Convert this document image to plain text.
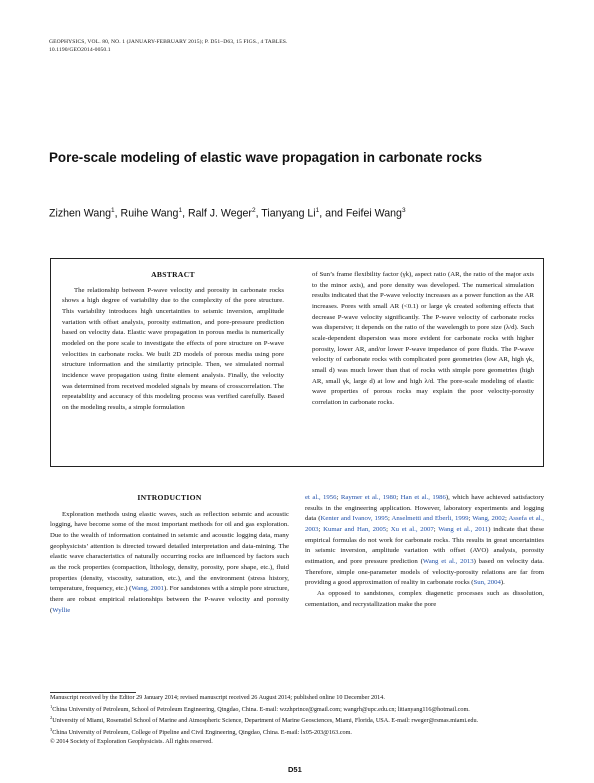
GEOPHYSICS, VOL. 80, NO. 1 (JANUARY-FEBRUARY 2015); P. D51–D63, 15 FIGS., 4 TABLES.
10.1190/GEO2014-0050.1
Pore-scale modeling of elastic wave propagation in carbonate rocks
Zizhen Wang$^1$, Ruihe Wang$^1$, Ralf J. Weger$^2$, Tianyang Li$^1$, and Feifei Wang$^3$
ABSTRACT

The relationship between P-wave velocity and porosity in carbonate rocks shows a high degree of variability due to the complexity of the pore structure. This variability introduces high uncertainties to seismic inversion, amplitude variation with offset analysis, porosity estimation, and pore-pressure prediction based on velocity data. Elastic wave propagation in porous media is numerically modeled on the pore scale to investigate the effects of pore structure on P-wave velocities in carbonate rocks. We built 2D models of porous media using pore structure information and the similarity principle. Then, we simulated normal incidence wave propagation using finite element analysis. Finally, the velocity was determined from received modeled signals by means of crosscorrelation. The repeatability and accuracy of this modeling process was verified carefully. Based on the modeling results, a simple formulation

of Sun’s frame flexibility factor (γk), aspect ratio (AR, the ratio of the major axis to the minor axis), and pore density was developed. The numerical simulation results indicated that the P-wave velocity increases as a power function as the AR increases. Pores with small AR (<0.1) or large γk created softening effects that decrease P-wave velocity significantly. The P-wave velocity of carbonate rocks was dispersive; it depends on the ratio of the wavelength to pore size (λ/d). Such scale-dependent dispersion was more evident for carbonate rocks with higher porosity, lower AR, and/or lower P-wave impedance of pore fluids. The P-wave velocity of carbonate rocks with complicated pore geometries (low AR, high γk, small d) was much lower than that of rocks with simple pore geometries (high AR, small γk, large d) at low and high λ/d. The pore-scale modeling of elastic wave properties of porous rocks may explain the poor velocity-porosity correlation in carbonate rocks.

INTRODUCTION

Exploration methods using elastic waves, such as reflection seismic and acoustic logging, have become some of the most important methods for oil and gas exploration. Due to the wealth of information contained in seismic and acoustic logging data, many geophysicists’ attention is directed toward detailed interpretation and data-mining. The elastic wave characteristics of naturally occurring rocks are influenced by factors such as the rock properties (compaction, lithology, density, porosity, pore shape, etc.), fluid properties (density, viscosity, saturation, etc.), and the environment (stress history, temperature, frequency, etc.) (Wang, 2001). For sandstones with a simple pore structure, there are robust empirical relationships between the P-wave velocity and porosity (Wyllie

et al., 1956; Raymer et al., 1980; Han et al., 1986), which have achieved satisfactory results in the engineering application. However, laboratory experiments and logging data (Kenter and Ivanov, 1995; Anselmetti and Eberli, 1999; Wang, 2002; Assefa et al., 2003; Kumar and Han, 2005; Xu et al., 2007; Wang et al., 2011) indicate that these empirical formulas do not work for carbonate rocks. This results in great uncertainties in seismic inversion, amplitude variation with offset (AVO) analysis, porosity estimation, and pore pressure prediction (Wang et al., 2013) based on velocity data. Therefore, simple one-parameter models of velocity-porosity relations are far from providing a good approximation of reality in carbonate rocks (Sun, 2004).

As opposed to sandstones, complex diagenetic processes such as dissolution, cementation, and recrystallization make the pore

Manuscript received by the Editor 29 January 2014; revised manuscript received 26 August 2014; published online 10 December 2014.
$^1$China University of Petroleum, School of Petroleum Engineering, Qingdao, China. E-mail: wzzhprince@gmail.com; wangrh@upc.edu.cn; litianyang116@hotmail.com.
$^2$University of Miami, Rosenstiel School of Marine and Atmospheric Science, Department of Marine Geosciences, Miami, Florida, USA. E-mail: rweger@rsmas.miami.edu.
$^3$China University of Petroleum, College of Pipeline and Civil Engineering, Qingdao, China. E-mail: lx05-203@163.com.
© 2014 Society of Exploration Geophysicists. All rights reserved.
D51
